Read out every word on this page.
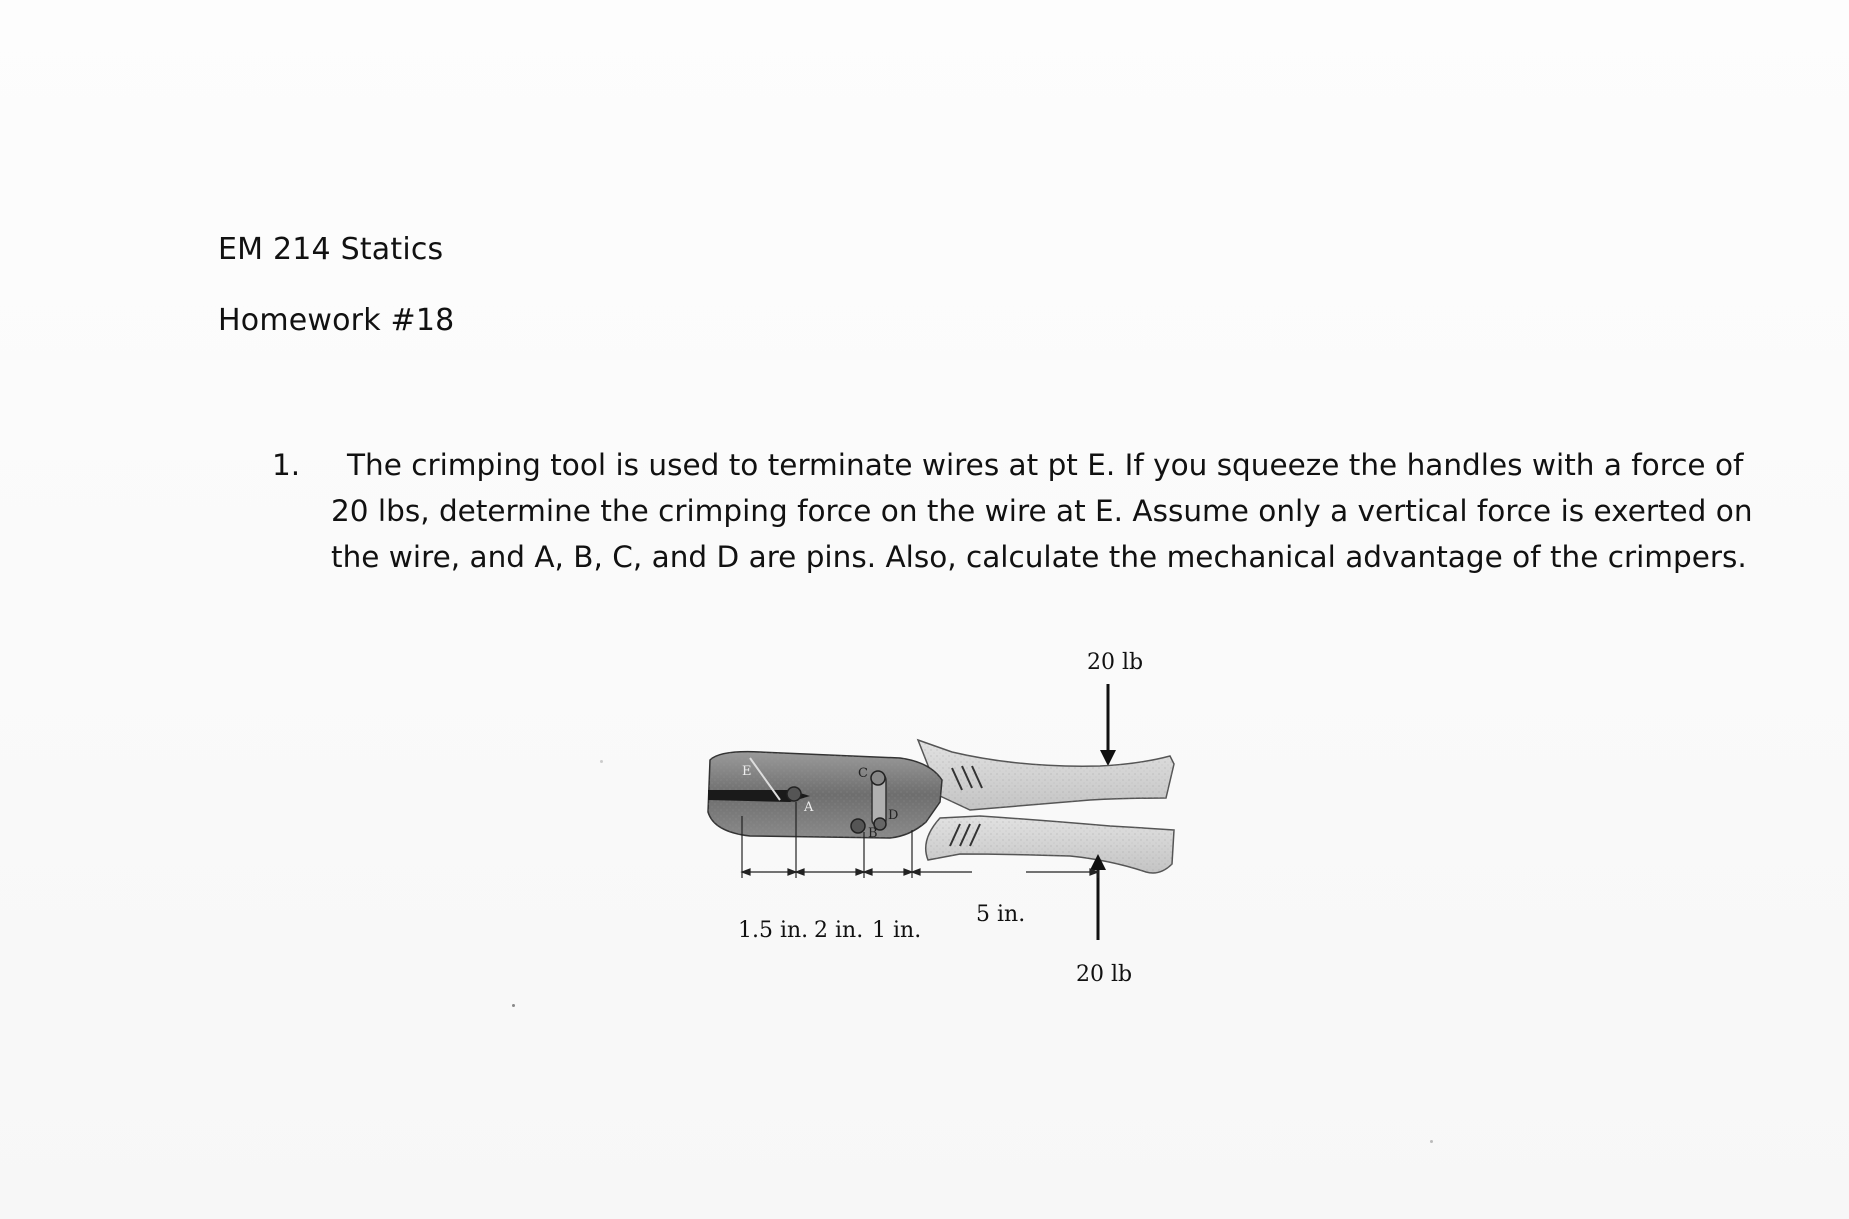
EM 214 Statics
Homework #18
1. The crimping tool is used to terminate wires at pt E. If you squeeze the handles with a force of
20 lbs, determine the crimping force on the wire at E. Assume only a vertical force is exerted on
the wire, and A, B, C, and D are pins. Also, calculate the mechanical advantage of the crimpers.
20 lb
20 lb
1.5 in. 2 in. 1 in.
5 in.
E
A
C
B
D
